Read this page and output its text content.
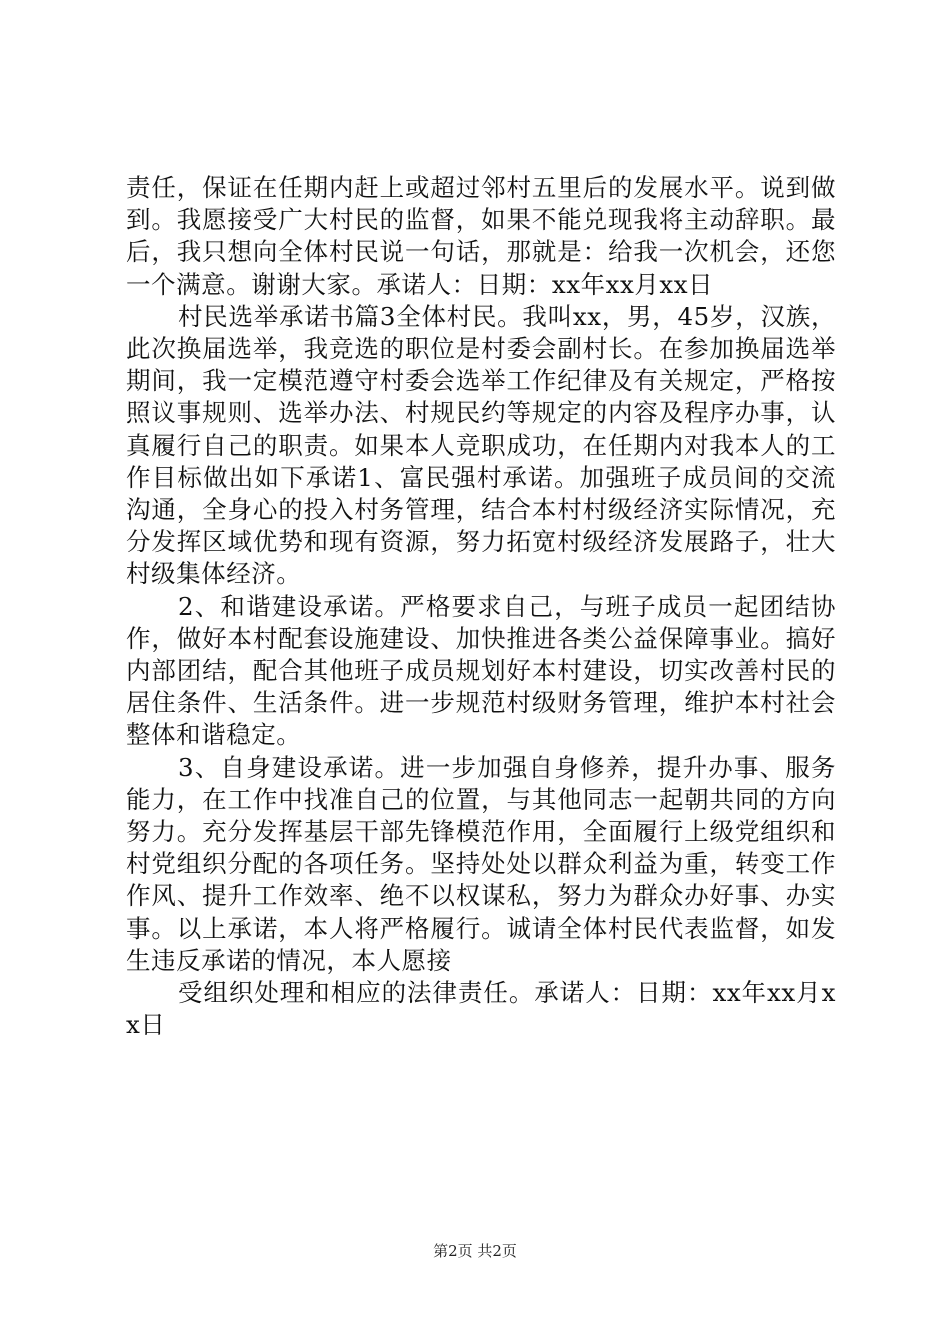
责任，保证在任期内赶上或超过邻村五里后的发展水平。说到做到。我愿接受广大村民的监督，如果不能兑现我将主动辞职。最后，我只想向全体村民说一句话，那就是：给我一次机会，还您一个满意。谢谢大家。承诺人：日期：xx年xx月xx日

村民选举承诺书篇3全体村民。我叫xx，男，45岁，汉族，此次换届选举，我竞选的职位是村委会副村长。在参加换届选举期间，我一定模范遵守村委会选举工作纪律及有关规定，严格按照议事规则、选举办法、村规民约等规定的内容及程序办事，认真履行自己的职责。如果本人竞职成功，在任期内对我本人的工作目标做出如下承诺1、富民强村承诺。加强班子成员间的交流沟通，全身心的投入村务管理，结合本村村级经济实际情况，充分发挥区域优势和现有资源，努力拓宽村级经济发展路子，壮大村级集体经济。

2、和谐建设承诺。严格要求自己，与班子成员一起团结协作，做好本村配套设施建设、加快推进各类公益保障事业。搞好内部团结，配合其他班子成员规划好本村建设，切实改善村民的居住条件、生活条件。进一步规范村级财务管理，维护本村社会整体和谐稳定。

3、自身建设承诺。进一步加强自身修养，提升办事、服务能力，在工作中找准自己的位置，与其他同志一起朝共同的方向努力。充分发挥基层干部先锋模范作用，全面履行上级党组织和村党组织分配的各项任务。坚持处处以群众利益为重，转变工作作风、提升工作效率、绝不以权谋私，努力为群众办好事、办实事。以上承诺，本人将严格履行。诚请全体村民代表监督，如发生违反承诺的情况，本人愿接

受组织处理和相应的法律责任。承诺人：日期：xx年xx月xx日

第2页 共2页
